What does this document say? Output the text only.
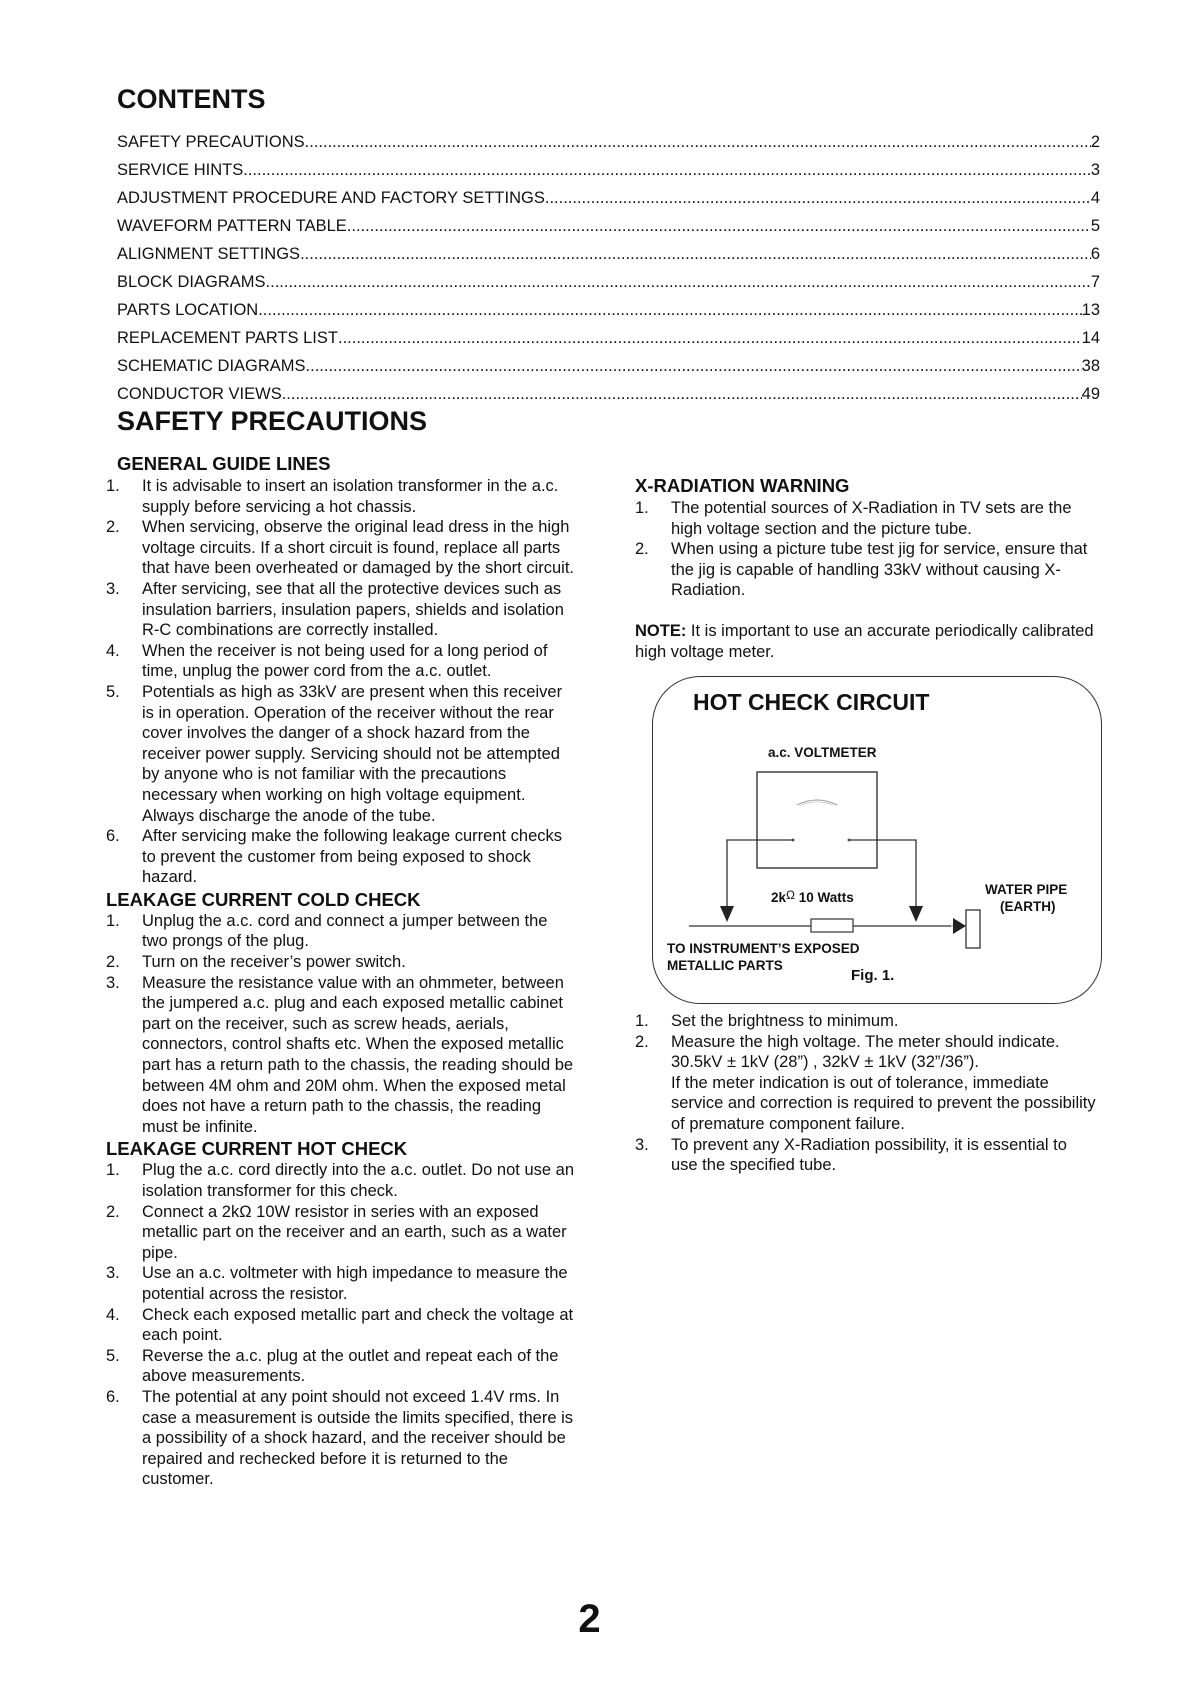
CONTENTS
SAFETY PRECAUTIONS .....	2
SERVICE HINTS .....	3
ADJUSTMENT PROCEDURE AND FACTORY SETTINGS .....	4
WAVEFORM PATTERN TABLE .....	5
ALIGNMENT SETTINGS .....	6
BLOCK DIAGRAMS .....	7
PARTS LOCATION .....	13
REPLACEMENT PARTS LIST .....	14
SCHEMATIC DIAGRAMS .....	38
CONDUCTOR VIEWS .....	49
SAFETY PRECAUTIONS
GENERAL GUIDE LINES
1. It is advisable to insert an isolation transformer in the a.c. supply before servicing a hot chassis.
2. When servicing, observe the original lead dress in the high voltage circuits. If a short circuit is found, replace all parts that have been overheated or damaged by the short circuit.
3. After servicing, see that all the protective devices such as insulation barriers, insulation papers, shields and isolation R-C combinations are correctly installed.
4. When the receiver is not being used for a long period of time, unplug the power cord from the a.c. outlet.
5. Potentials as high as 33kV are present when this receiver is in operation. Operation of the receiver without the rear cover involves the danger of a shock hazard from the receiver power supply. Servicing should not be attempted by anyone who is not familiar with the precautions necessary when working on high voltage equipment. Always discharge the anode of the tube.
6. After servicing make the following leakage current checks to prevent the customer from being exposed to shock hazard.
LEAKAGE CURRENT COLD CHECK
1. Unplug the a.c. cord and connect a jumper between the two prongs of the plug.
2. Turn on the receiver’s power switch.
3. Measure the resistance value with an ohmmeter, between the jumpered a.c. plug and each exposed metallic cabinet part on the receiver, such as screw heads, aerials, connectors, control shafts etc. When the exposed metallic part has a return path to the chassis, the reading should be between 4M ohm and 20M ohm. When the exposed metal does not have a return path to the chassis, the reading must be infinite.
LEAKAGE CURRENT HOT CHECK
1. Plug the a.c. cord directly into the a.c. outlet. Do not use an isolation transformer for this check.
2. Connect a 2kΩ 10W resistor in series with an exposed metallic part on the receiver and an earth, such as a water pipe.
3. Use an a.c. voltmeter with high impedance to measure the potential across the resistor.
4. Check each exposed metallic part and check the voltage at each point.
5. Reverse the a.c. plug at the outlet and repeat each of the above measurements.
6. The potential at any point should not exceed 1.4V rms. In case a measurement is outside the limits specified, there is a possibility of a shock hazard, and the receiver should be repaired and rechecked before it is returned to the customer.
X-RADIATION WARNING
1. The potential sources of X-Radiation in TV sets are the high voltage section and the picture tube.
2. When using a picture tube test jig for service, ensure that the jig is capable of handling 33kV without causing X-Radiation.
NOTE: It is important to use an accurate periodically calibrated high voltage meter.
HOT CHECK CIRCUIT
a.c. VOLTMETER
2kΩ 10 Watts
WATER PIPE
(EARTH)
TO INSTRUMENT’S EXPOSED
METALLIC PARTS
Fig. 1.
1. Set the brightness to minimum.
2. Measure the high voltage. The meter should indicate. 30.5kV ± 1kV (28”) , 32kV ± 1kV (32”/36”).
If the meter indication is out of tolerance, immediate service and correction is required to prevent the possibility of premature component failure.
3. To prevent any X-Radiation possibility, it is essential to use the specified tube.
2
